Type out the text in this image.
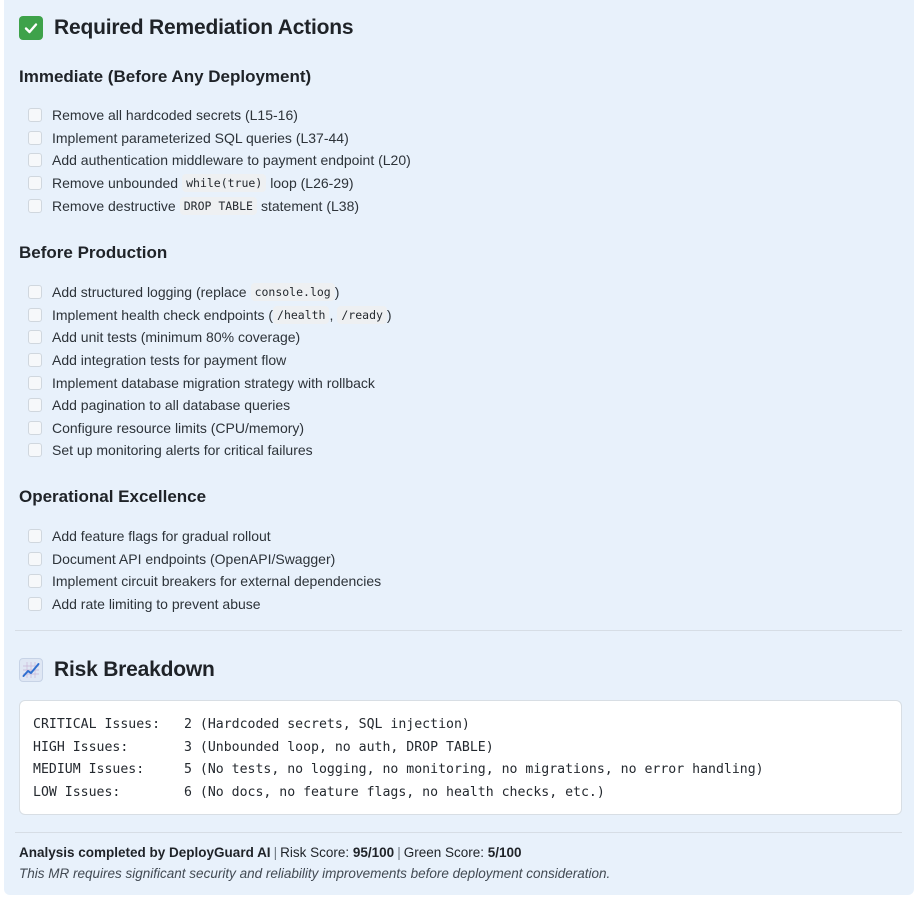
Required Remediation Actions
Immediate (Before Any Deployment)
Remove all hardcoded secrets (L15-16)
Implement parameterized SQL queries (L37-44)
Add authentication middleware to payment endpoint (L20)
Remove unbounded while(true) loop (L26-29)
Remove destructive DROP TABLE statement (L38)
Before Production
Add structured logging (replace console.log )
Implement health check endpoints ( /health , /ready )
Add unit tests (minimum 80% coverage)
Add integration tests for payment flow
Implement database migration strategy with rollback
Add pagination to all database queries
Configure resource limits (CPU/memory)
Set up monitoring alerts for critical failures
Operational Excellence
Add feature flags for gradual rollout
Document API endpoints (OpenAPI/Swagger)
Implement circuit breakers for external dependencies
Add rate limiting to prevent abuse
Risk Breakdown
CRITICAL Issues:	2 (Hardcoded secrets, SQL injection)
HIGH Issues:	3 (Unbounded loop, no auth, DROP TABLE)
MEDIUM Issues:	5 (No tests, no logging, no monitoring, no migrations, no error handling)
LOW Issues:	6 (No docs, no feature flags, no health checks, etc.)
Analysis completed by DeployGuard AI | Risk Score: 95/100 | Green Score: 5/100
This MR requires significant security and reliability improvements before deployment consideration.
